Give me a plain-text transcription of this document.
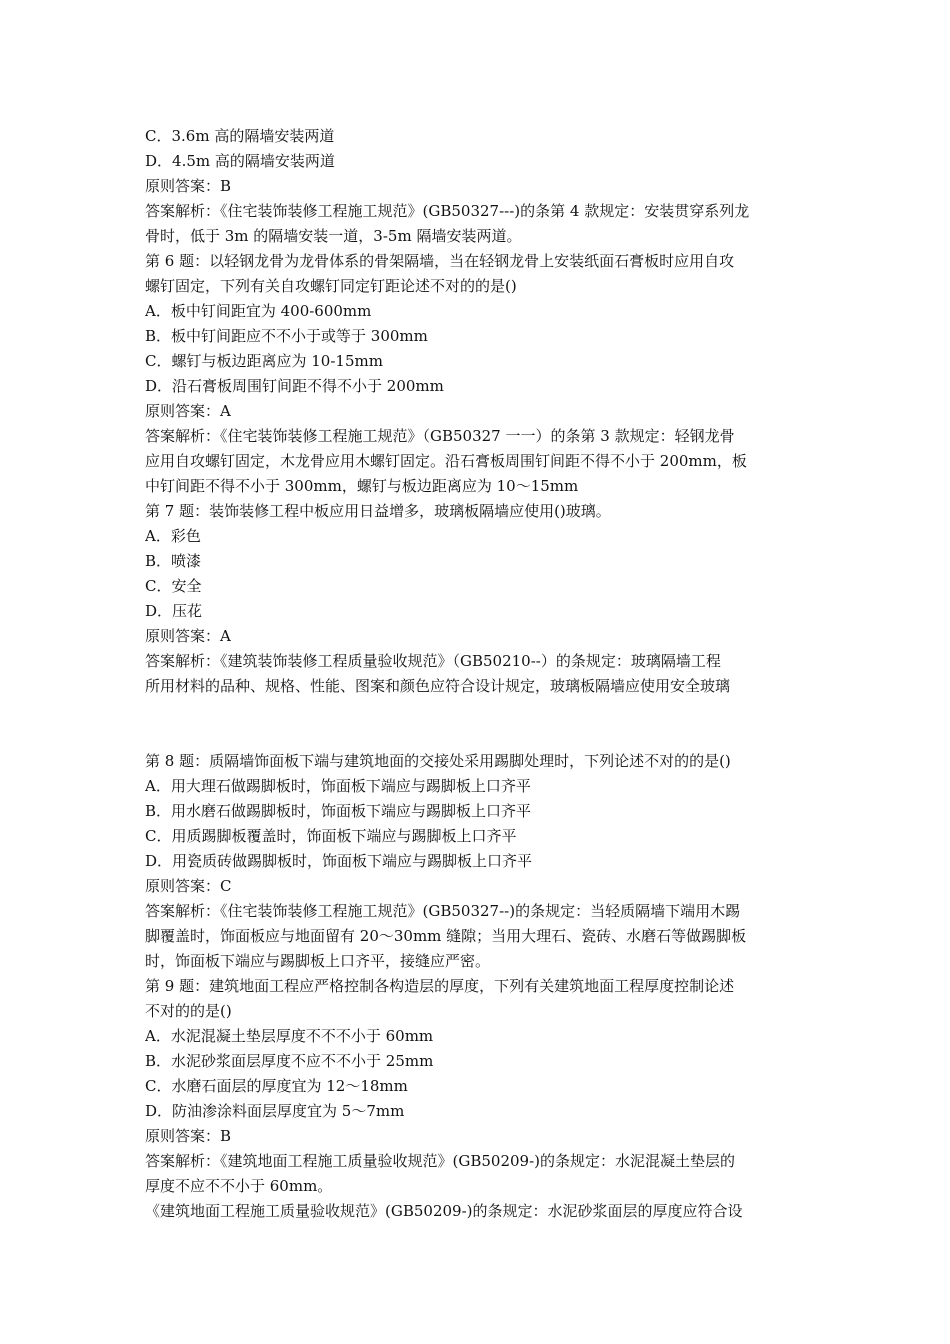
C．3.6m 高的隔墙安装两道
D．4.5m 高的隔墙安装两道
原则答案：B
答案解析：《住宅装饰装修工程施工规范》(GB50327---)的条第 4 款规定：安装贯穿系列龙
骨时，低于 3m 的隔墙安装一道，3-5m 隔墙安装两道。
第 6 题：以轻钢龙骨为龙骨体系的骨架隔墙，当在轻钢龙骨上安装纸面石膏板时应用自攻
螺钉固定，下列有关自攻螺钉同定钉距论述不对的的是()
A．板中钉间距宜为 400-600mm
B．板中钉间距应不不小于或等于 300mm
C．螺钉与板边距离应为 10-15mm
D．沿石膏板周围钉间距不得不小于 200mm
原则答案：A
答案解析：《住宅装饰装修工程施工规范》（GB50327 一一）的条第 3 款规定：轻钢龙骨
应用自攻螺钉固定，木龙骨应用木螺钉固定。沿石膏板周围钉间距不得不小于 200mm，板
中钉间距不得不小于 300mm，螺钉与板边距离应为 10～15mm
第 7 题：装饰装修工程中板应用日益增多，玻璃板隔墙应使用()玻璃。
A．彩色
B．喷漆
C．安全
D．压花
原则答案：A
答案解析：《建筑装饰装修工程质量验收规范》（GB50210--）的条规定：玻璃隔墙工程
所用材料的品种、规格、性能、图案和颜色应符合设计规定，玻璃板隔墙应使用安全玻璃
第 8 题：质隔墙饰面板下端与建筑地面的交接处采用踢脚处理时，下列论述不对的的是()
A．用大理石做踢脚板时，饰面板下端应与踢脚板上口齐平
B．用水磨石做踢脚板时，饰面板下端应与踢脚板上口齐平
C．用质踢脚板覆盖时，饰面板下端应与踢脚板上口齐平
D．用瓷质砖做踢脚板时，饰面板下端应与踢脚板上口齐平
原则答案：C
答案解析：《住宅装饰装修工程施工规范》(GB50327--)的条规定：当轻质隔墙下端用木踢
脚覆盖时，饰面板应与地面留有 20～30mm 缝隙；当用大理石、瓷砖、水磨石等做踢脚板
时，饰面板下端应与踢脚板上口齐平，接缝应严密。
第 9 题：建筑地面工程应严格控制各构造层的厚度，下列有关建筑地面工程厚度控制论述
不对的的是()
A．水泥混凝土垫层厚度不不不小于 60mm
B．水泥砂浆面层厚度不应不不小于 25mm
C．水磨石面层的厚度宜为 12～18mm
D．防油渗涂料面层厚度宜为 5～7mm
原则答案：B
答案解析：《建筑地面工程施工质量验收规范》(GB50209-)的条规定：水泥混凝土垫层的
厚度不应不不小于 60mm。
《建筑地面工程施工质量验收规范》(GB50209-)的条规定：水泥砂浆面层的厚度应符合设
